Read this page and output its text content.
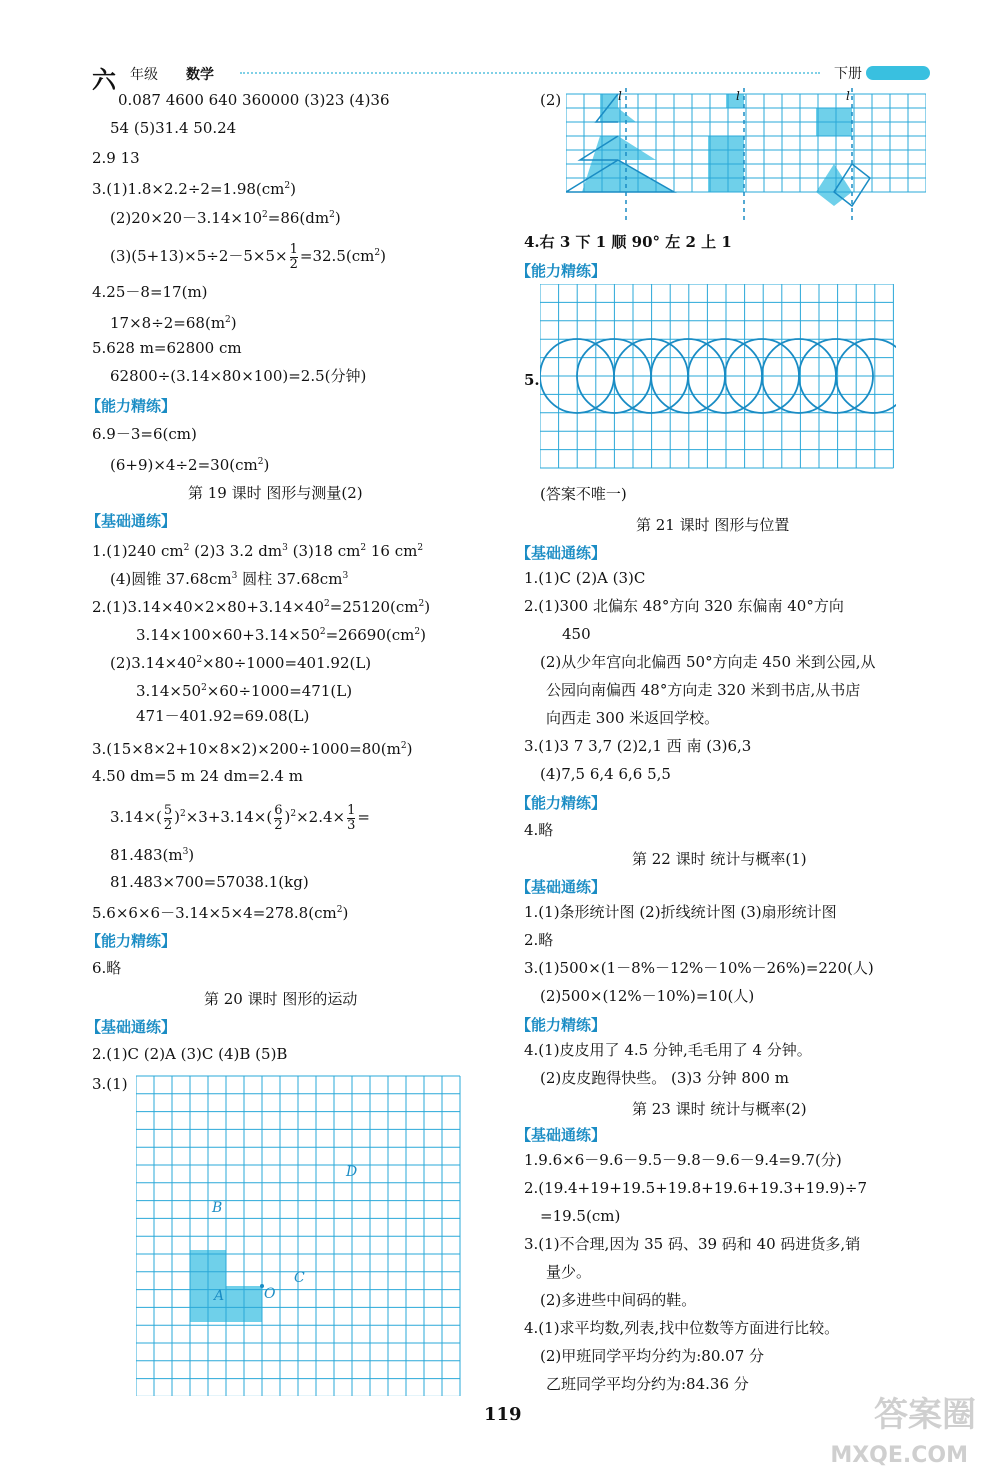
六 年级 数学	下册
0.087 4600 640 360000 (3)23 (4)36
54 (5)31.4 50.24
2.9 13
$3.(1)1.8\times 2.2\div 2=1.98(cm^2)$
$(2)20\times 20-3.14\times 10^2=86(dm^2)$
$(3)(5+13)\times 5\div 2-5\times 5\times \frac{1}{2} =32.5(cm^2)$
4.25－8=17(m)
$17\times 8\div 2=68(m^2)$
5.628 m=62800 cm
62800÷(3.14×80×100)=2.5(分钟)
【能力精练】
6.9－3=6(cm)
$(6+9)\times 4\div 2=30(cm^2)$
第 19 课时 图形与测量(2)
【基础通练】
1.(1)240 $cm^2$ (2)3 3.2 $dm^3$ (3)18 $cm^2$ 16 $cm^2$
(4)圆锥 $37.68cm^3$ 圆柱 $37.68cm^3$
$2.(1)3.14\times 40\times 2\times 80+3.14\times 40^2=25120(cm^2)$
$3.14\times 100\times 60+3.14\times 50^2=26690(cm^2)$
$(2)3.14\times 40^2\times 80\div 1000=401.92(L)$
$3.14\times 50^2\times 60\div 1000=471(L)$
471－401.92=69.08(L)
$3.(15\times 8\times 2+10\times 8\times 2)\times 200\div 1000=80(m^2)$
4.50 dm=5 m 24 dm=2.4 m
$3.14\times( \frac{5}{2} )^2\times 3+3.14\times( \frac{6}{2} )^2\times 2.4\times \frac{1}{3}$ =
$81.483(m^3)$
81.483×700=57038.1(kg)
$5.6\times 6\times 6-3.14\times 5\times 4=278.8(cm^2)$
【能力精练】
6.略
第 20 课时 图形的运动
【基础通练】
2.(1)C (2)A (3)C (4)B (5)B
3.(1)
B
D
C
A	O
(2)	l	l	l
4.右 3 下 1 顺 90° 左 2 上 1
【能力精练】
5.
(答案不唯一)
第 21 课时 图形与位置
【基础通练】
1.(1)C (2)A (3)C
2.(1)300 北偏东 48°方向 320 东偏南 40°方向
450
(2)从少年宫向北偏西 50°方向走 450 米到公园,从
公园向南偏西 48°方向走 320 米到书店,从书店
向西走 300 米返回学校。
3.(1)3 7 3,7 (2)2,1 西 南 (3)6,3
(4)7,5 6,4 6,6 5,5
【能力精练】
4.略
第 22 课时 统计与概率(1)
【基础通练】
1.(1)条形统计图 (2)折线统计图 (3)扇形统计图
2.略
3.(1)500×(1－8%－12%－10%－26%)=220(人)
(2)500×(12%－10%)=10(人)
【能力精练】
4.(1)皮皮用了 4.5 分钟,毛毛用了 4 分钟。
(2)皮皮跑得快些。 (3)3 分钟 800 m
第 23 课时 统计与概率(2)
【基础通练】
1.9.6×6－9.6－9.5－9.8－9.6－9.4=9.7(分)
2.(19.4+19+19.5+19.8+19.6+19.3+19.9)÷7
=19.5(cm)
3.(1)不合理,因为 35 码、39 码和 40 码进货多,销
量少。
(2)多进些中间码的鞋。
4.(1)求平均数,列表,找中位数等方面进行比较。
(2)甲班同学平均分约为:80.07 分
乙班同学平均分约为:84.36 分
119	答案圈
MXQE.COM
